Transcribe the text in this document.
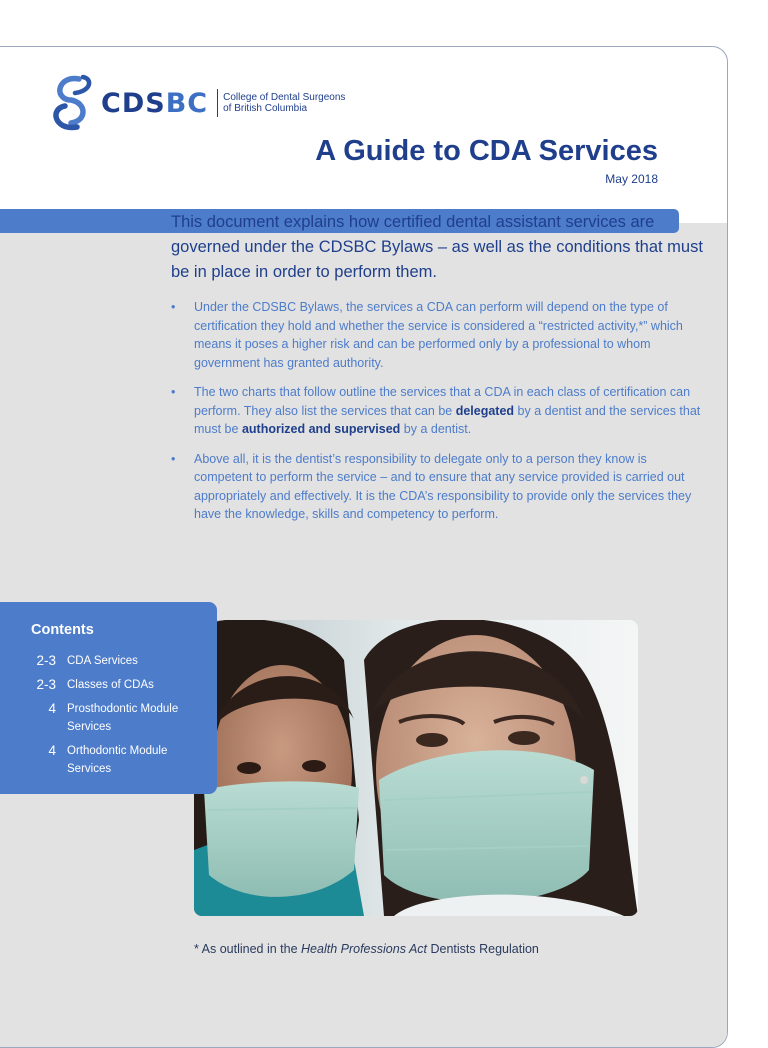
CDSBC College of Dental Surgeons
of British Columbia
A Guide to CDA Services
May 2018

This document explains how certified dental assistant services are governed under the CDSBC Bylaws – as well as the conditions that must be in place in order to perform them.

• Under the CDSBC Bylaws, the services a CDA can perform will depend on the type of certification they hold and whether the service is considered a “restricted activity,*” which means it poses a higher risk and can be performed only by a professional to whom government has granted authority.
• The two charts that follow outline the services that a CDA in each class of certification can perform. They also list the services that can be delegated by a dentist and the services that must be authorized and supervised by a dentist.
• Above all, it is the dentist’s responsibility to delegate only to a person they know is competent to perform the service – and to ensure that any service provided is carried out appropriately and effectively. It is the CDA’s responsibility to provide only the services they have the knowledge, skills and competency to perform.
* As outlined in the Health Professions Act Dentists Regulation
Contents
2-3 CDA Services
2-3 Classes of CDAs
4 Prosthodontic Module Services
4 Orthodontic Module Services
